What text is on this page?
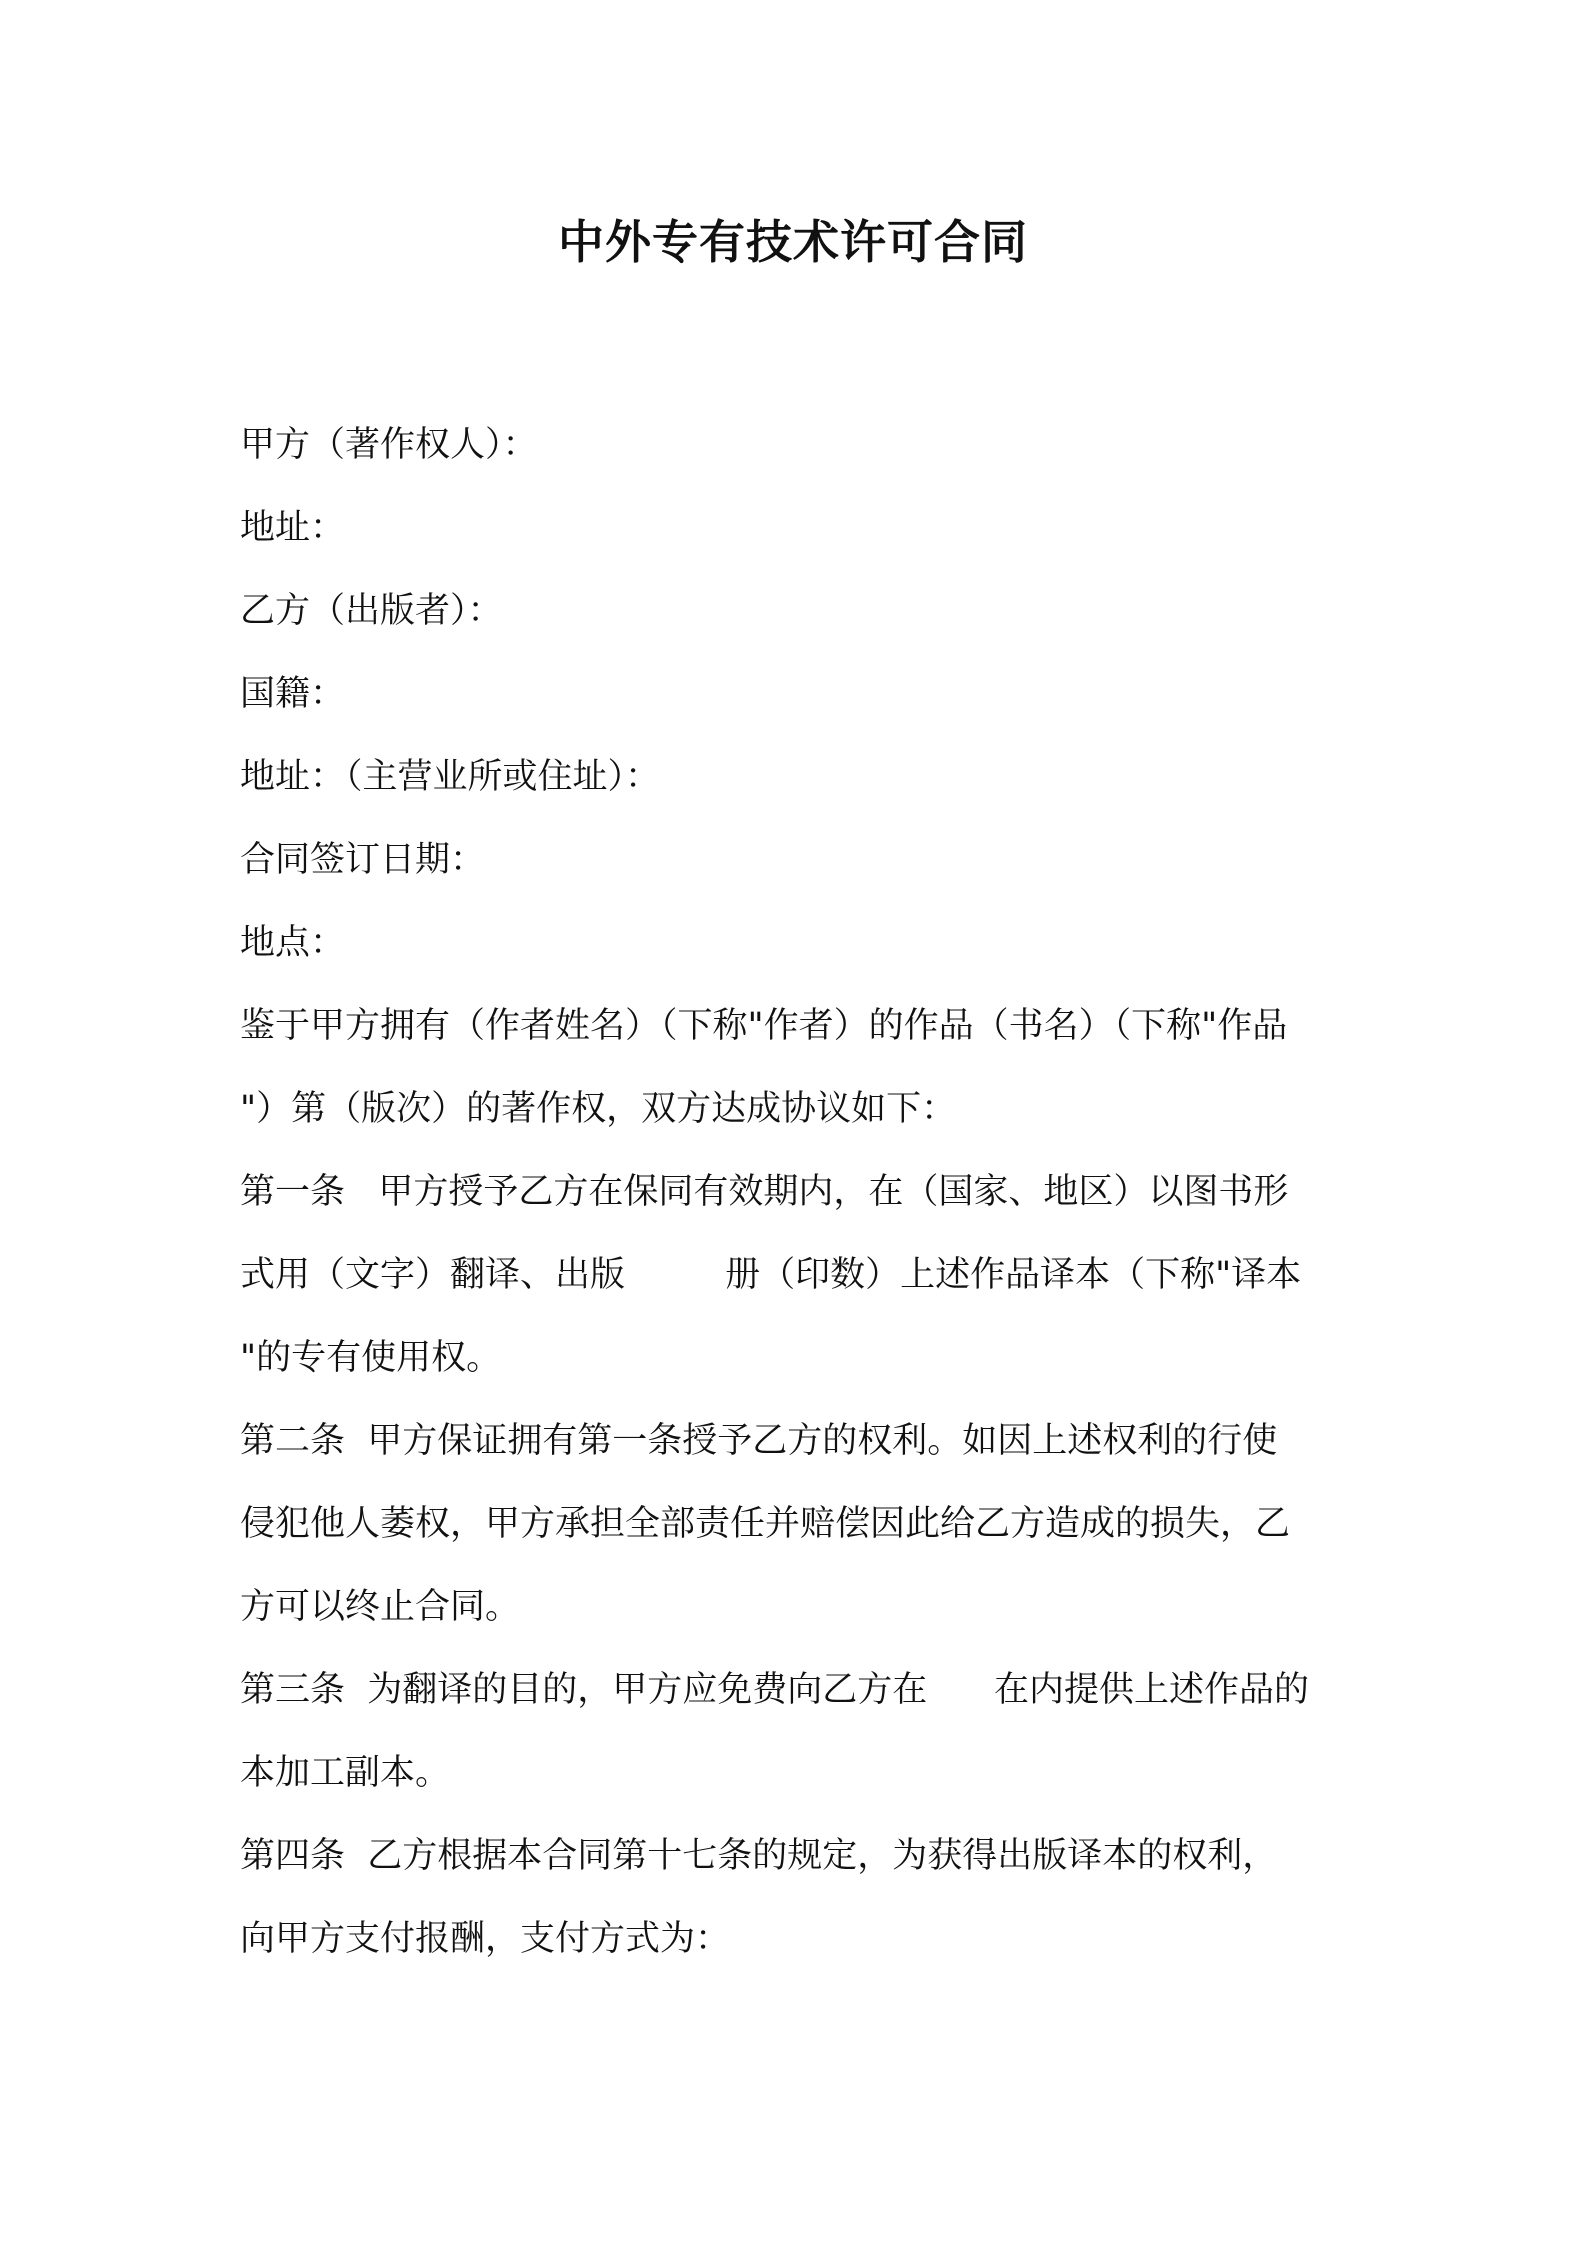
中外专有技术许可合同
甲方（著作权人）：
地址：
乙方（出版者）：
国籍：
地址：（主营业所或住址）：
合同签订日期：
地点：
鉴于甲方拥有（作者姓名）（下称"作者）的作品（书名）（下称"作品
"）第（版次）的著作权，双方达成协议如下：
第一条   甲方授予乙方在保同有效期内，在（国家、地区）以图书形
式用（文字）翻译、出版         册（印数）上述作品译本（下称"译本
"的专有使用权。
第二条  甲方保证拥有第一条授予乙方的权利。如因上述权利的行使
侵犯他人萎权，甲方承担全部责任并赔偿因此给乙方造成的损失，乙
方可以终止合同。
第三条  为翻译的目的，甲方应免费向乙方在      在内提供上述作品的
本加工副本。
第四条  乙方根据本合同第十七条的规定，为获得出版译本的权利，
向甲方支付报酬，支付方式为：
